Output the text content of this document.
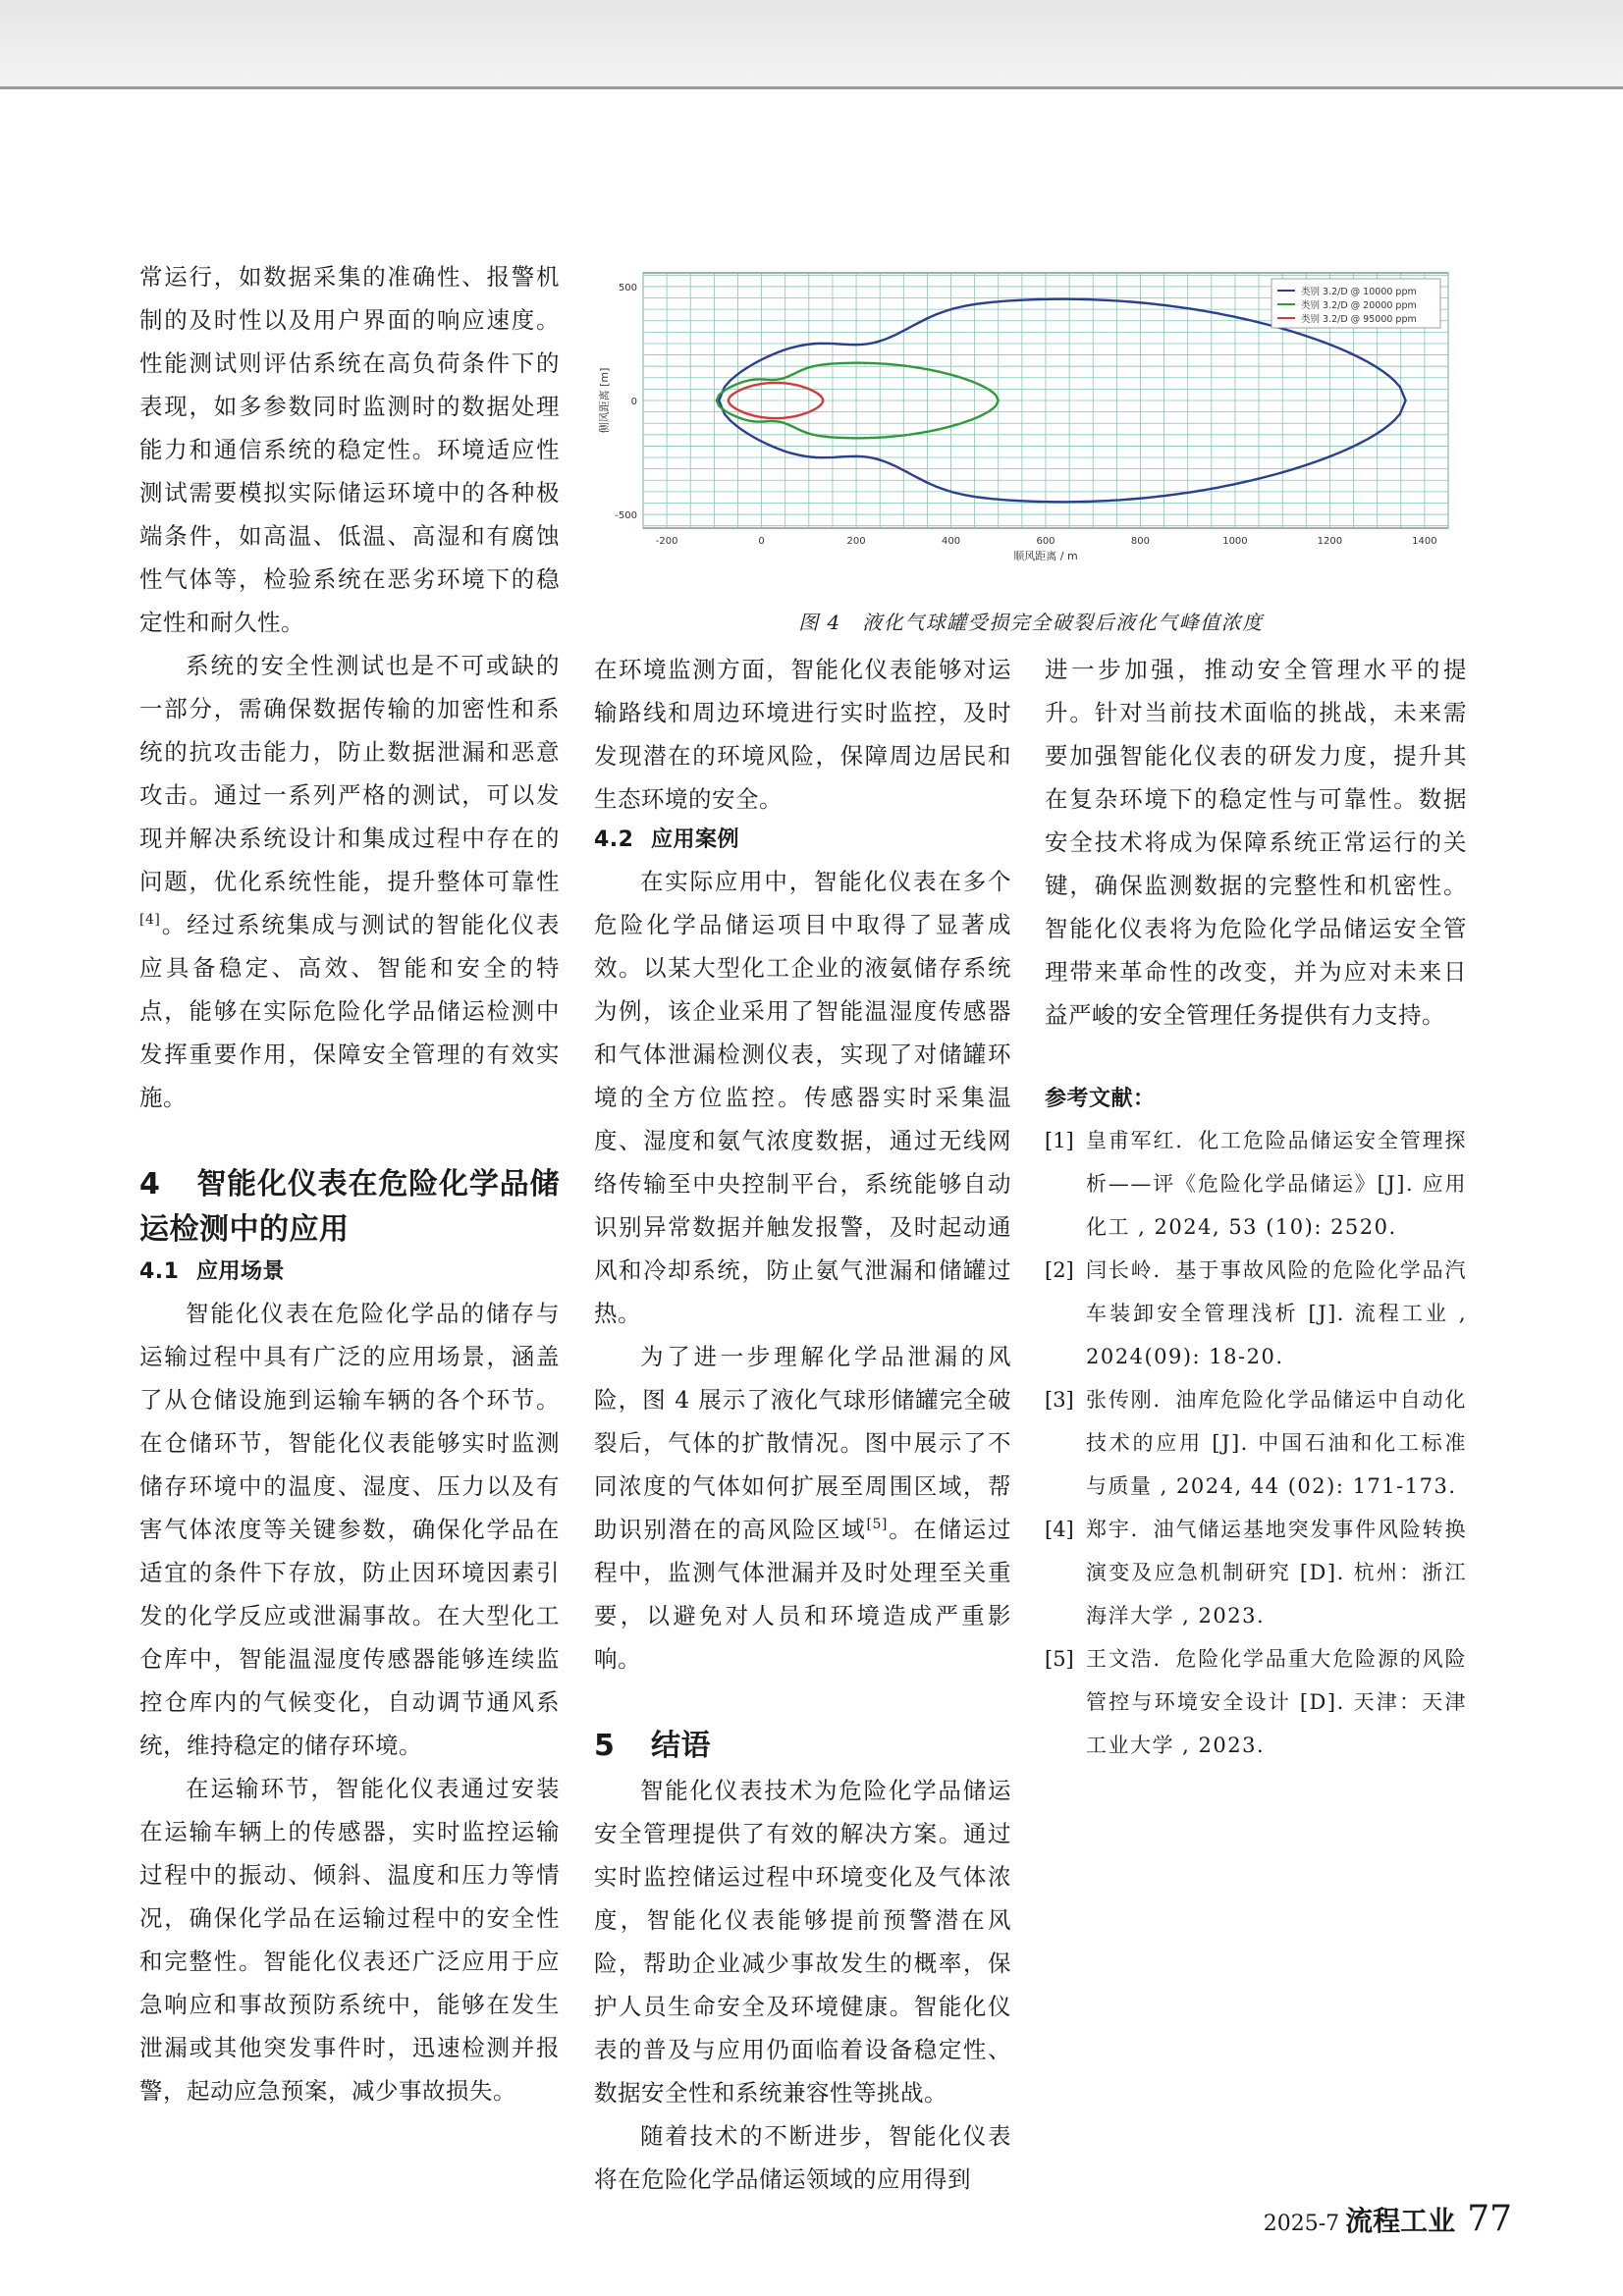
常运行，如数据采集的准确性、报警机制的及时性以及用户界面的响应速度。性能测试则评估系统在高负荷条件下的表现，如多参数同时监测时的数据处理能力和通信系统的稳定性。环境适应性测试需要模拟实际储运环境中的各种极端条件，如高温、低温、高湿和有腐蚀性气体等，检验系统在恶劣环境下的稳定性和耐久性。

系统的安全性测试也是不可或缺的一部分，需确保数据传输的加密性和系统的抗攻击能力，防止数据泄漏和恶意攻击。通过一系列严格的测试，可以发现并解决系统设计和集成过程中存在的问题，优化系统性能，提升整体可靠性[4]。经过系统集成与测试的智能化仪表应具备稳定、高效、智能和安全的特点，能够在实际危险化学品储运检测中发挥重要作用，保障安全管理的有效实施。

4 智能化仪表在危险化学品储运检测中的应用
4.1 应用场景

智能化仪表在危险化学品的储存与运输过程中具有广泛的应用场景，涵盖了从仓储设施到运输车辆的各个环节。在仓储环节，智能化仪表能够实时监测储存环境中的温度、湿度、压力以及有害气体浓度等关键参数，确保化学品在适宜的条件下存放，防止因环境因素引发的化学反应或泄漏事故。在大型化工仓库中，智能温湿度传感器能够连续监控仓库内的气候变化，自动调节通风系统，维持稳定的储存环境。

在运输环节，智能化仪表通过安装在运输车辆上的传感器，实时监控运输过程中的振动、倾斜、温度和压力等情况，确保化学品在运输过程中的安全性和完整性。智能化仪表还广泛应用于应急响应和事故预防系统中，能够在发生泄漏或其他突发事件时，迅速检测并报警，起动应急预案，减少事故损失。

-200	0	200	400	600	800	1000	1200	1400
-500
0
500
顺风距离 / m
侧风距离 [m]
类别 3.2/D @ 10000 ppm
类别 3.2/D @ 20000 ppm
类别 3.2/D @ 95000 ppm
图 4　液化气球罐受损完全破裂后液化气峰值浓度

在环境监测方面，智能化仪表能够对运输路线和周边环境进行实时监控，及时发现潜在的环境风险，保障周边居民和生态环境的安全。

4.2 应用案例

在实际应用中，智能化仪表在多个危险化学品储运项目中取得了显著成效。以某大型化工企业的液氨储存系统为例，该企业采用了智能温湿度传感器和气体泄漏检测仪表，实现了对储罐环境的全方位监控。传感器实时采集温度、湿度和氨气浓度数据，通过无线网络传输至中央控制平台，系统能够自动识别异常数据并触发报警，及时起动通风和冷却系统，防止氨气泄漏和储罐过热。

为了进一步理解化学品泄漏的风险，图 4 展示了液化气球形储罐完全破裂后，气体的扩散情况。图中展示了不同浓度的气体如何扩展至周围区域，帮助识别潜在的高风险区域[5]。在储运过程中，监测气体泄漏并及时处理至关重要，以避免对人员和环境造成严重影响。

5 结语

智能化仪表技术为危险化学品储运安全管理提供了有效的解决方案。通过实时监控储运过程中环境变化及气体浓度，智能化仪表能够提前预警潜在风险，帮助企业减少事故发生的概率，保护人员生命安全及环境健康。智能化仪表的普及与应用仍面临着设备稳定性、数据安全性和系统兼容性等挑战。

随着技术的不断进步，智能化仪表将在危险化学品储运领域的应用得到

进一步加强，推动安全管理水平的提升。针对当前技术面临的挑战，未来需要加强智能化仪表的研发力度，提升其在复杂环境下的稳定性与可靠性。数据安全技术将成为保障系统正常运行的关键，确保监测数据的完整性和机密性。智能化仪表将为危险化学品储运安全管理带来革命性的改变，并为应对未来日益严峻的安全管理任务提供有力支持。

参考文献：
[1] 皇甫军红．化工危险品储运安全管理探析——评《危险化学品储运》[J]. 应用化工 , 2024, 53 (10): 2520.
[2] 闫长岭．基于事故风险的危险化学品汽车装卸安全管理浅析 [J]. 流程工业 , 2024(09): 18-20.
[3] 张传刚．油库危险化学品储运中自动化技术的应用 [J]. 中国石油和化工标准与质量 , 2024, 44 (02): 171-173.
[4] 郑宇．油气储运基地突发事件风险转换演变及应急机制研究 [D]. 杭州：浙江海洋大学 , 2023.
[5] 王文浩．危险化学品重大危险源的风险管控与环境安全设计 [D]. 天津：天津工业大学 , 2023.
2025-7 流程工业 77
